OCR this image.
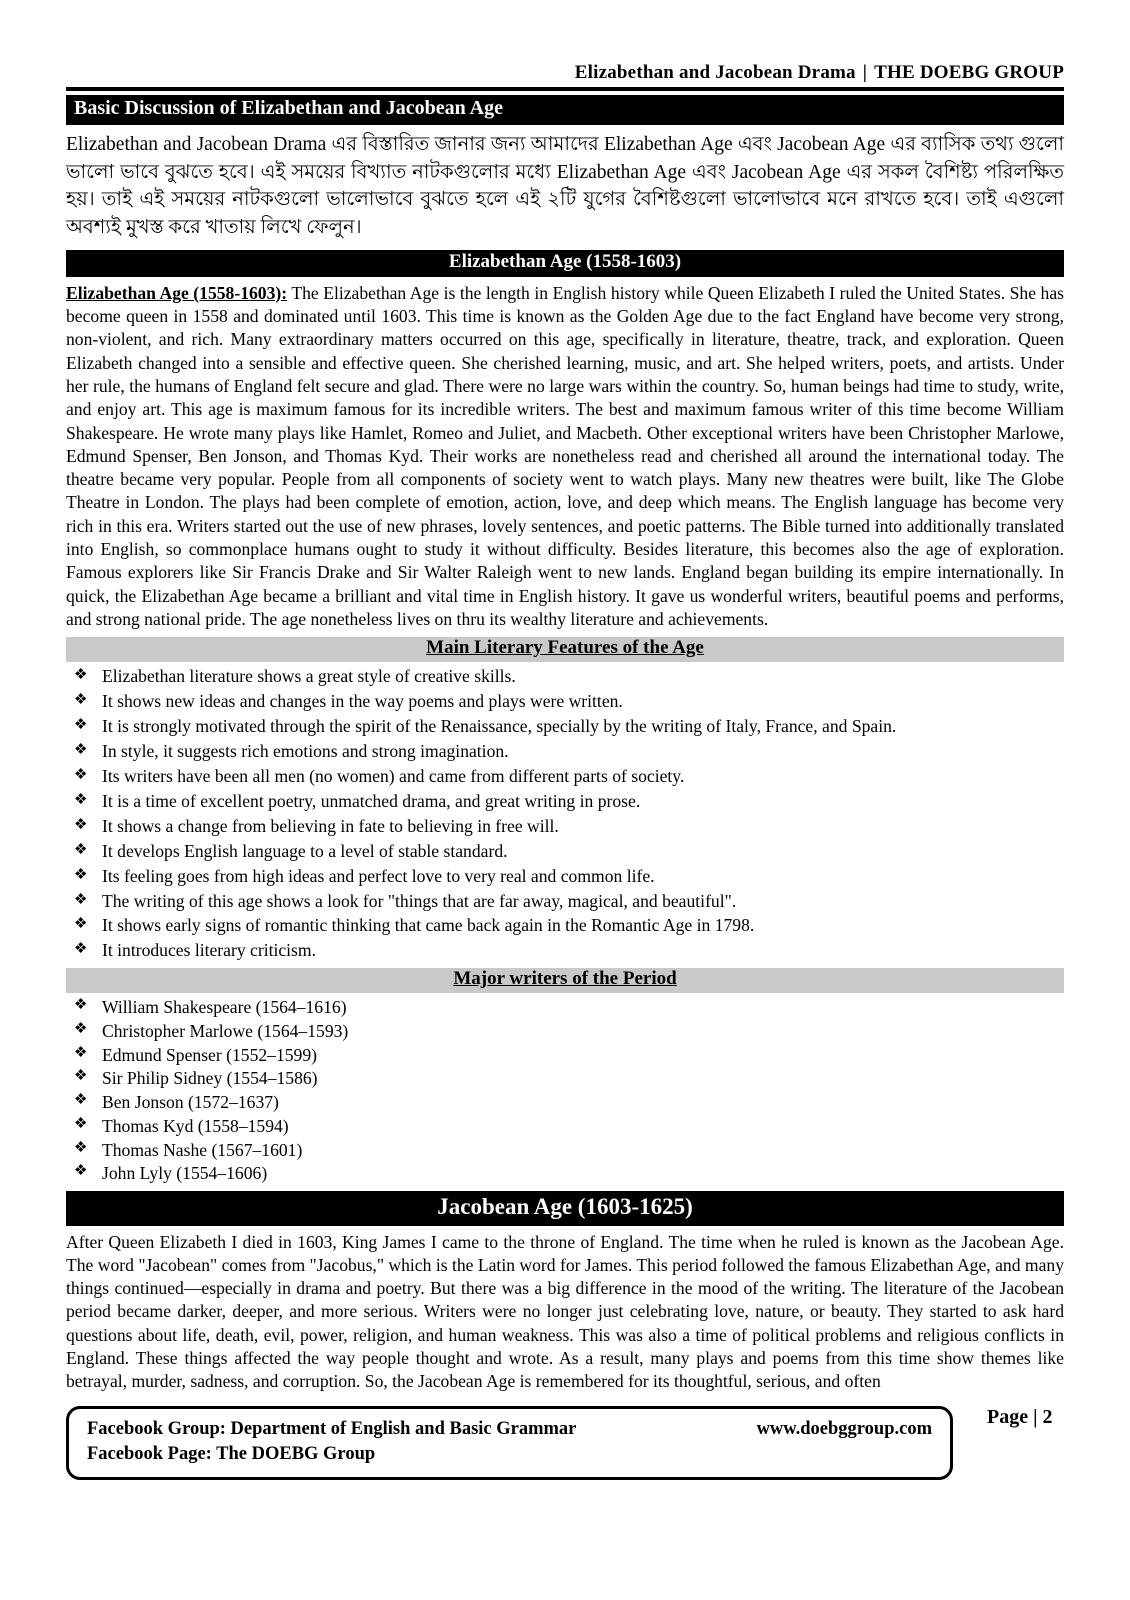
Elizabethan and Jacobean Drama | THE DOEBG GROUP
Basic Discussion of Elizabethan and Jacobean Age

Elizabethan and Jacobean Drama এর বিস্তারিত জানার জন্য আমাদের Elizabethan Age এবং Jacobean Age এর ব্যাসিক তথ্য গুলো ভালো ভাবে বুঝতে হবে। এই সময়ের বিখ্যাত নাটকগুলোর মধ্যে Elizabethan Age এবং Jacobean Age এর সকল বৈশিষ্ট্য পরিলক্ষিত হয়। তাই এই সময়ের নাটকগুলো ভালোভাবে বুঝতে হলে এই ২টি যুগের বৈশিষ্টগুলো ভালোভাবে মনে রাখতে হবে। তাই এগুলো অবশ্যই মুখস্ত করে খাতায় লিখে ফেলুন।

Elizabethan Age (1558-1603)

Elizabethan Age (1558-1603): The Elizabethan Age is the length in English history while Queen Elizabeth I ruled the United States. She has become queen in 1558 and dominated until 1603. This time is known as the Golden Age due to the fact England have become very strong, non-violent, and rich. Many extraordinary matters occurred on this age, specifically in literature, theatre, track, and exploration. Queen Elizabeth changed into a sensible and effective queen. She cherished learning, music, and art. She helped writers, poets, and artists. Under her rule, the humans of England felt secure and glad. There were no large wars within the country. So, human beings had time to study, write, and enjoy art. This age is maximum famous for its incredible writers. The best and maximum famous writer of this time become William Shakespeare. He wrote many plays like Hamlet, Romeo and Juliet, and Macbeth. Other exceptional writers have been Christopher Marlowe, Edmund Spenser, Ben Jonson, and Thomas Kyd. Their works are nonetheless read and cherished all around the international today. The theatre became very popular. People from all components of society went to watch plays. Many new theatres were built, like The Globe Theatre in London. The plays had been complete of emotion, action, love, and deep which means. The English language has become very rich in this era. Writers started out the use of new phrases, lovely sentences, and poetic patterns. The Bible turned into additionally translated into English, so commonplace humans ought to study it without difficulty. Besides literature, this becomes also the age of exploration. Famous explorers like Sir Francis Drake and Sir Walter Raleigh went to new lands. England began building its empire internationally. In quick, the Elizabethan Age became a brilliant and vital time in English history. It gave us wonderful writers, beautiful poems and performs, and strong national pride. The age nonetheless lives on thru its wealthy literature and achievements.

Main Literary Features of the Age
❖ Elizabethan literature shows a great style of creative skills.
❖ It shows new ideas and changes in the way poems and plays were written.
❖ It is strongly motivated through the spirit of the Renaissance, specially by the writing of Italy, France, and Spain.
❖ In style, it suggests rich emotions and strong imagination.
❖ Its writers have been all men (no women) and came from different parts of society.
❖ It is a time of excellent poetry, unmatched drama, and great writing in prose.
❖ It shows a change from believing in fate to believing in free will.
❖ It develops English language to a level of stable standard.
❖ Its feeling goes from high ideas and perfect love to very real and common life.
❖ The writing of this age shows a look for "things that are far away, magical, and beautiful".
❖ It shows early signs of romantic thinking that came back again in the Romantic Age in 1798.
❖ It introduces literary criticism.
Major writers of the Period
❖ William Shakespeare (1564–1616)
❖ Christopher Marlowe (1564–1593)
❖ Edmund Spenser (1552–1599)
❖ Sir Philip Sidney (1554–1586)
❖ Ben Jonson (1572–1637)
❖ Thomas Kyd (1558–1594)
❖ Thomas Nashe (1567–1601)
❖ John Lyly (1554–1606)
Jacobean Age (1603-1625)

After Queen Elizabeth I died in 1603, King James I came to the throne of England. The time when he ruled is known as the Jacobean Age. The word "Jacobean" comes from "Jacobus," which is the Latin word for James. This period followed the famous Elizabethan Age, and many things continued—especially in drama and poetry. But there was a big difference in the mood of the writing. The literature of the Jacobean period became darker, deeper, and more serious. Writers were no longer just celebrating love, nature, or beauty. They started to ask hard questions about life, death, evil, power, religion, and human weakness. This was also a time of political problems and religious conflicts in England. These things affected the way people thought and wrote. As a result, many plays and poems from this time show themes like betrayal, murder, sadness, and corruption. So, the Jacobean Age is remembered for its thoughtful, serious, and often

Facebook Group: Department of English and Basic Grammar	www.doebggroup.com
Facebook Page: The DOEBG Group
Page | 2
